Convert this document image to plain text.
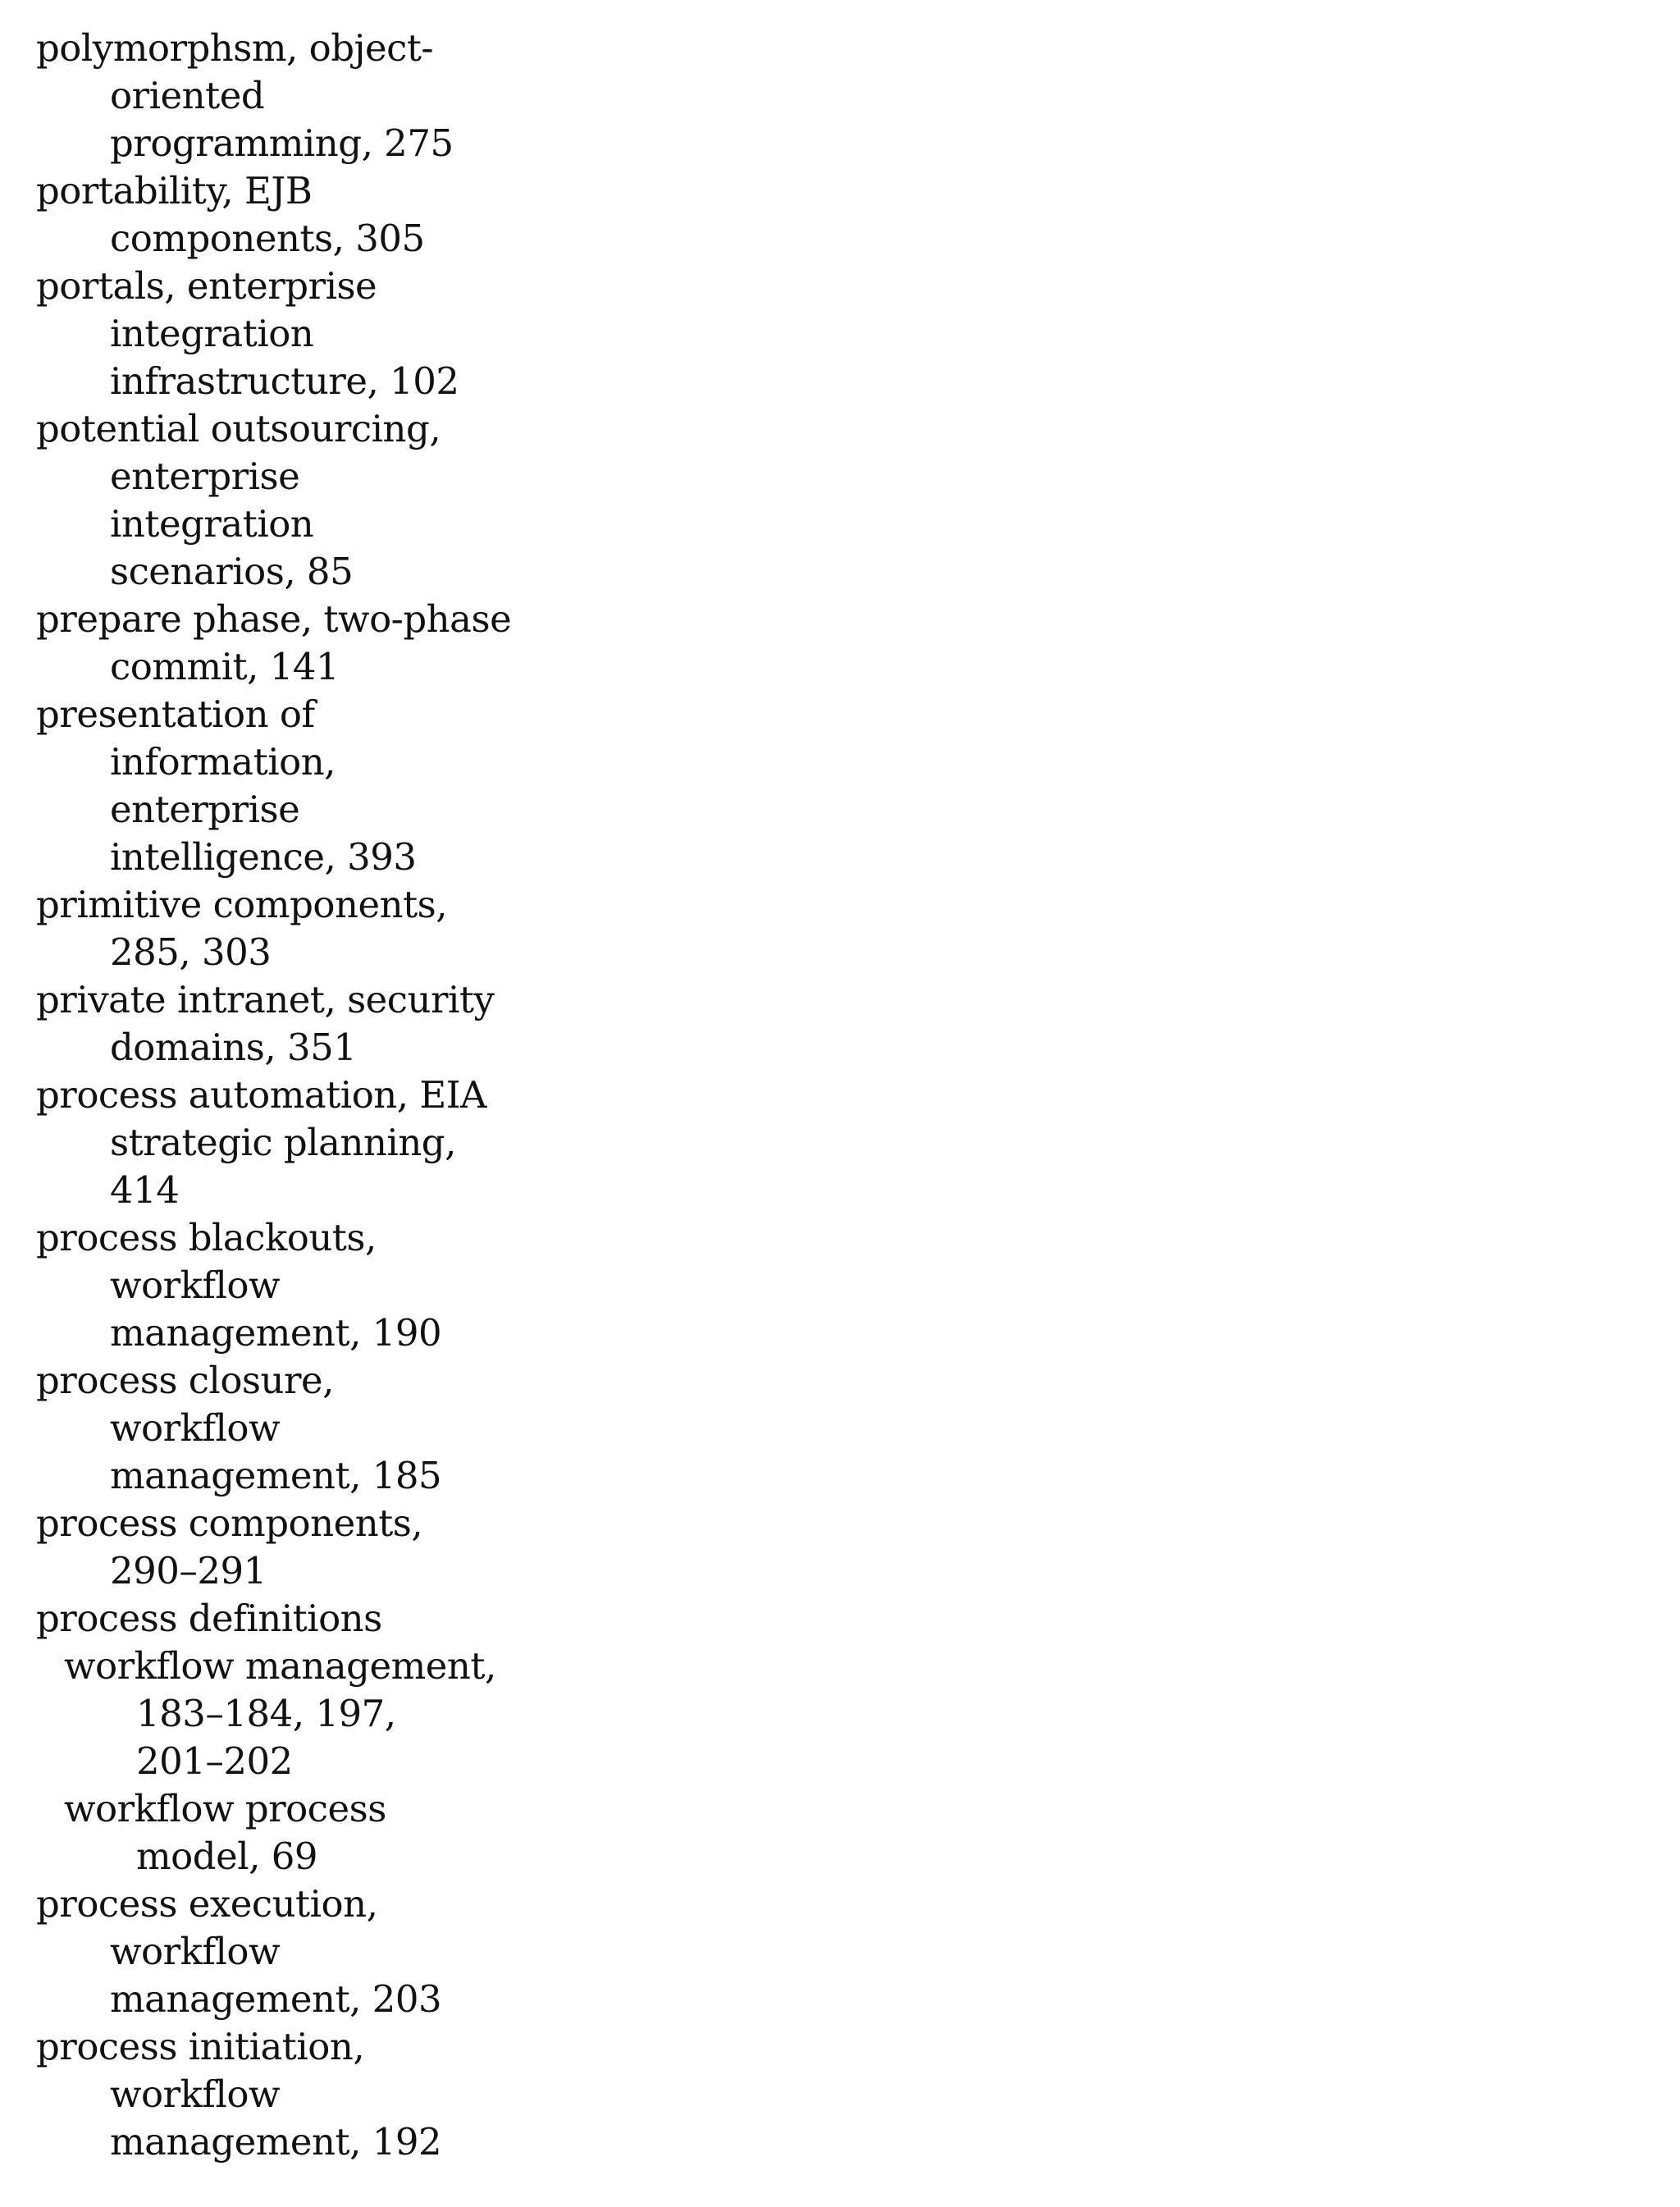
polymorphsm, object-
oriented
programming, 275
portability, EJB
components, 305
portals, enterprise
integration
infrastructure, 102
potential outsourcing,
enterprise
integration
scenarios, 85
prepare phase, two-phase
commit, 141
presentation of
information,
enterprise
intelligence, 393
primitive components,
285, 303
private intranet, security
domains, 351
process automation, EIA
strategic planning,
414
process blackouts,
workflow
management, 190
process closure,
workflow
management, 185
process components,
290–291
process definitions
workflow management,
183–184, 197,
201–202
workflow process
model, 69
process execution,
workflow
management, 203
process initiation,
workflow
management, 192
